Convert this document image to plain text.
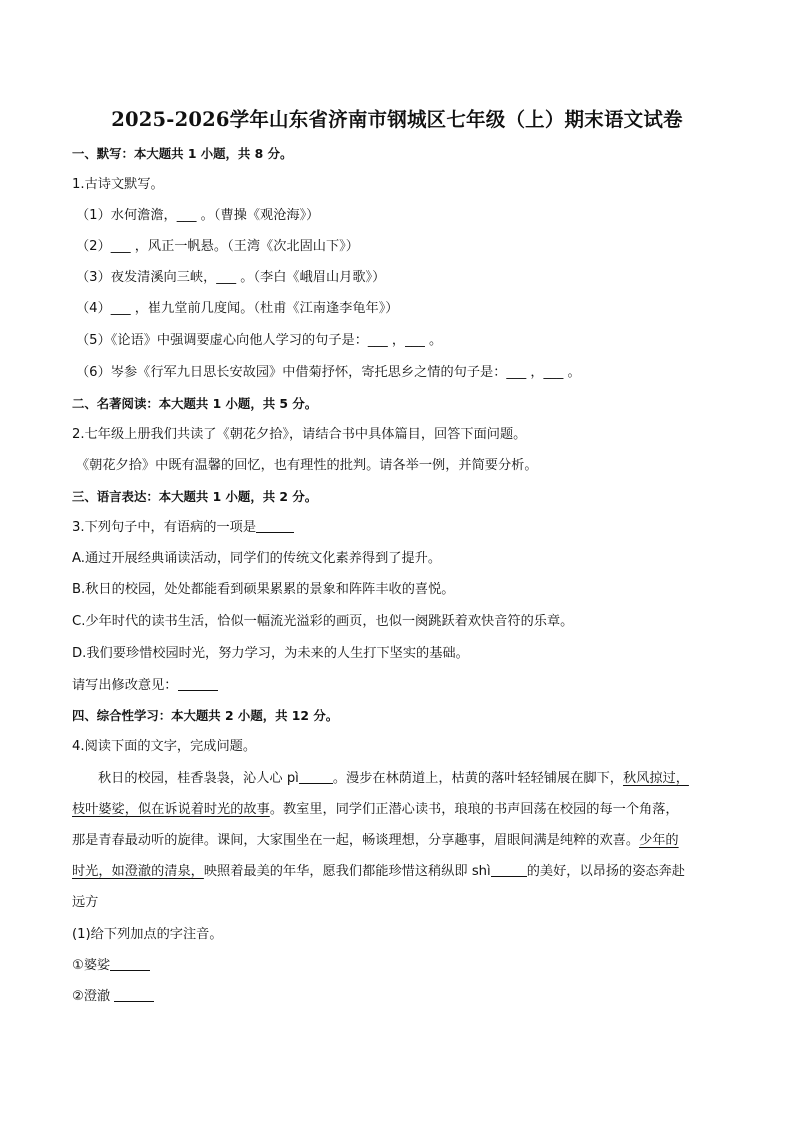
2025-2026学年山东省济南市钢城区七年级（上）期末语文试卷
一、默写：本大题共 1 小题，共 8 分。
1.古诗文默写。
（1）水何澹澹，___ 。（曹操《观沧海》）
（2）___ ，风正一帆悬。（王湾《次北固山下》）
（3）夜发清溪向三峡，___ 。（李白《峨眉山月歌》）
（4）___ ，崔九堂前几度闻。（杜甫《江南逢李龟年》）
（5）《论语》中强调要虚心向他人学习的句子是：___ ，___ 。
（6）岑参《行军九日思长安故园》中借菊抒怀，寄托思乡之情的句子是：___ ，___ 。
二、名著阅读：本大题共 1 小题，共 5 分。
2.七年级上册我们共读了《朝花夕拾》，请结合书中具体篇目，回答下面问题。
《朝花夕拾》中既有温馨的回忆，也有理性的批判。请各举一例，并简要分析。
三、语言表达：本大题共 1 小题，共 2 分。
3.下列句子中，有语病的一项是
A.通过开展经典诵读活动，同学们的传统文化素养得到了提升。
B.秋日的校园，处处都能看到硕果累累的景象和阵阵丰收的喜悦。
C.少年时代的读书生活，恰似一幅流光溢彩的画页，也似一阕跳跃着欢快音符的乐章。
D.我们要珍惜校园时光，努力学习，为未来的人生打下坚实的基础。
请写出修改意见：
四、综合性学习：本大题共 2 小题，共 12 分。
4.阅读下面的文字，完成问题。
秋日的校园，桂香袅袅，沁人心 pì	。漫步在林荫道上，枯黄的落叶轻轻铺展在脚下，秋风掠过，
枝叶婆娑，似在诉说着时光的故事。教室里，同学们正潜心读书，琅琅的书声回荡在校园的每一个角落，
那是青春最动听的旋律。课间，大家围坐在一起，畅谈理想，分享趣事，眉眼间满是纯粹的欢喜。少年的
时光，如澄澈的清泉，映照着最美的年华，愿我们都能珍惜这稍纵即 shì	的美好，以昂扬的姿态奔赴
远方
(1)给下列加点的字注音。
①婆娑
②澄澈
